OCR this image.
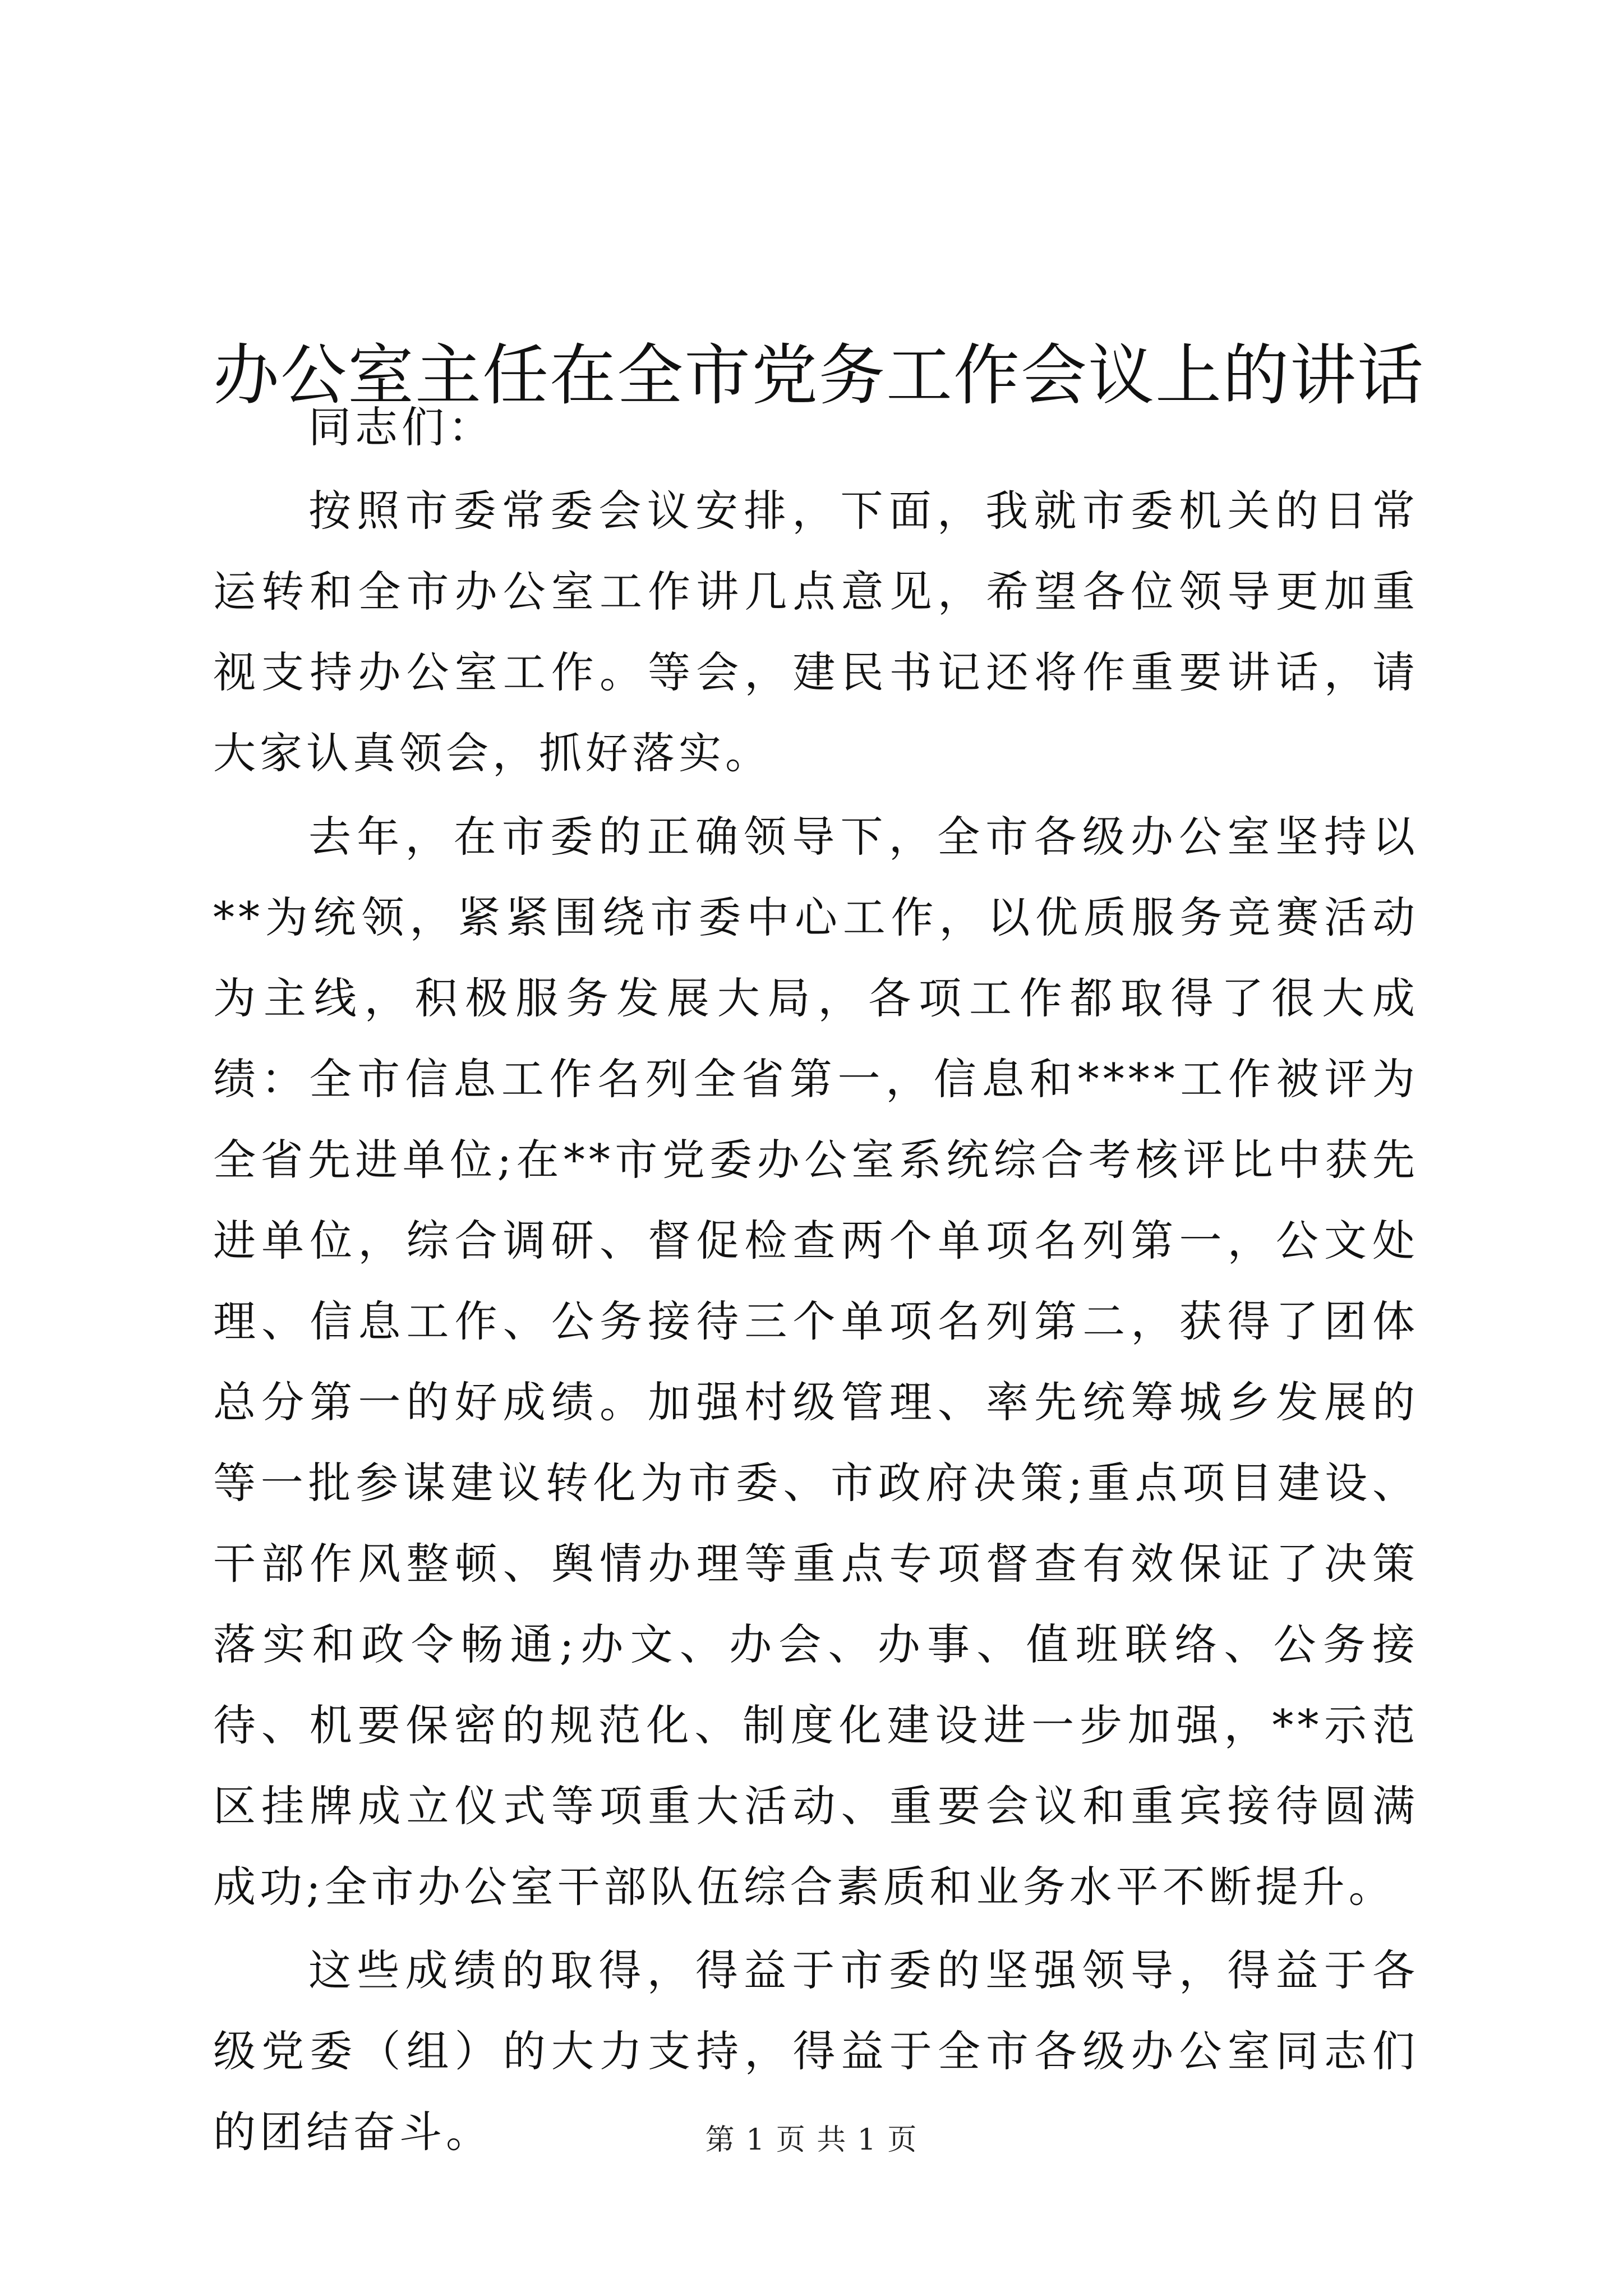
办公室主任在全市党务工作会议上的讲话

同志们：

按照市委常委会议安排，下面，我就市委机关的日常运转和全市办公室工作讲几点意见，希望各位领导更加重视支持办公室工作。等会，建民书记还将作重要讲话，请大家认真领会，抓好落实。

去年，在市委的正确领导下，全市各级办公室坚持以**为统领，紧紧围绕市委中心工作，以优质服务竞赛活动为主线，积极服务发展大局，各项工作都取得了很大成绩：全市信息工作名列全省第一，信息和****工作被评为全省先进单位;在**市党委办公室系统综合考核评比中获先进单位，综合调研、督促检查两个单项名列第一，公文处理、信息工作、公务接待三个单项名列第二，获得了团体总分第一的好成绩。加强村级管理、率先统筹城乡发展的等一批参谋建议转化为市委、市政府决策;重点项目建设、干部作风整顿、舆情办理等重点专项督查有效保证了决策落实和政令畅通;办文、办会、办事、值班联络、公务接待、机要保密的规范化、制度化建设进一步加强，**示范区挂牌成立仪式等项重大活动、重要会议和重宾接待圆满成功;全市办公室干部队伍综合素质和业务水平不断提升。

这些成绩的取得，得益于市委的坚强领导，得益于各级党委（组）的大力支持，得益于全市各级办公室同志们的团结奋斗。	第 1 页 共 1 页
